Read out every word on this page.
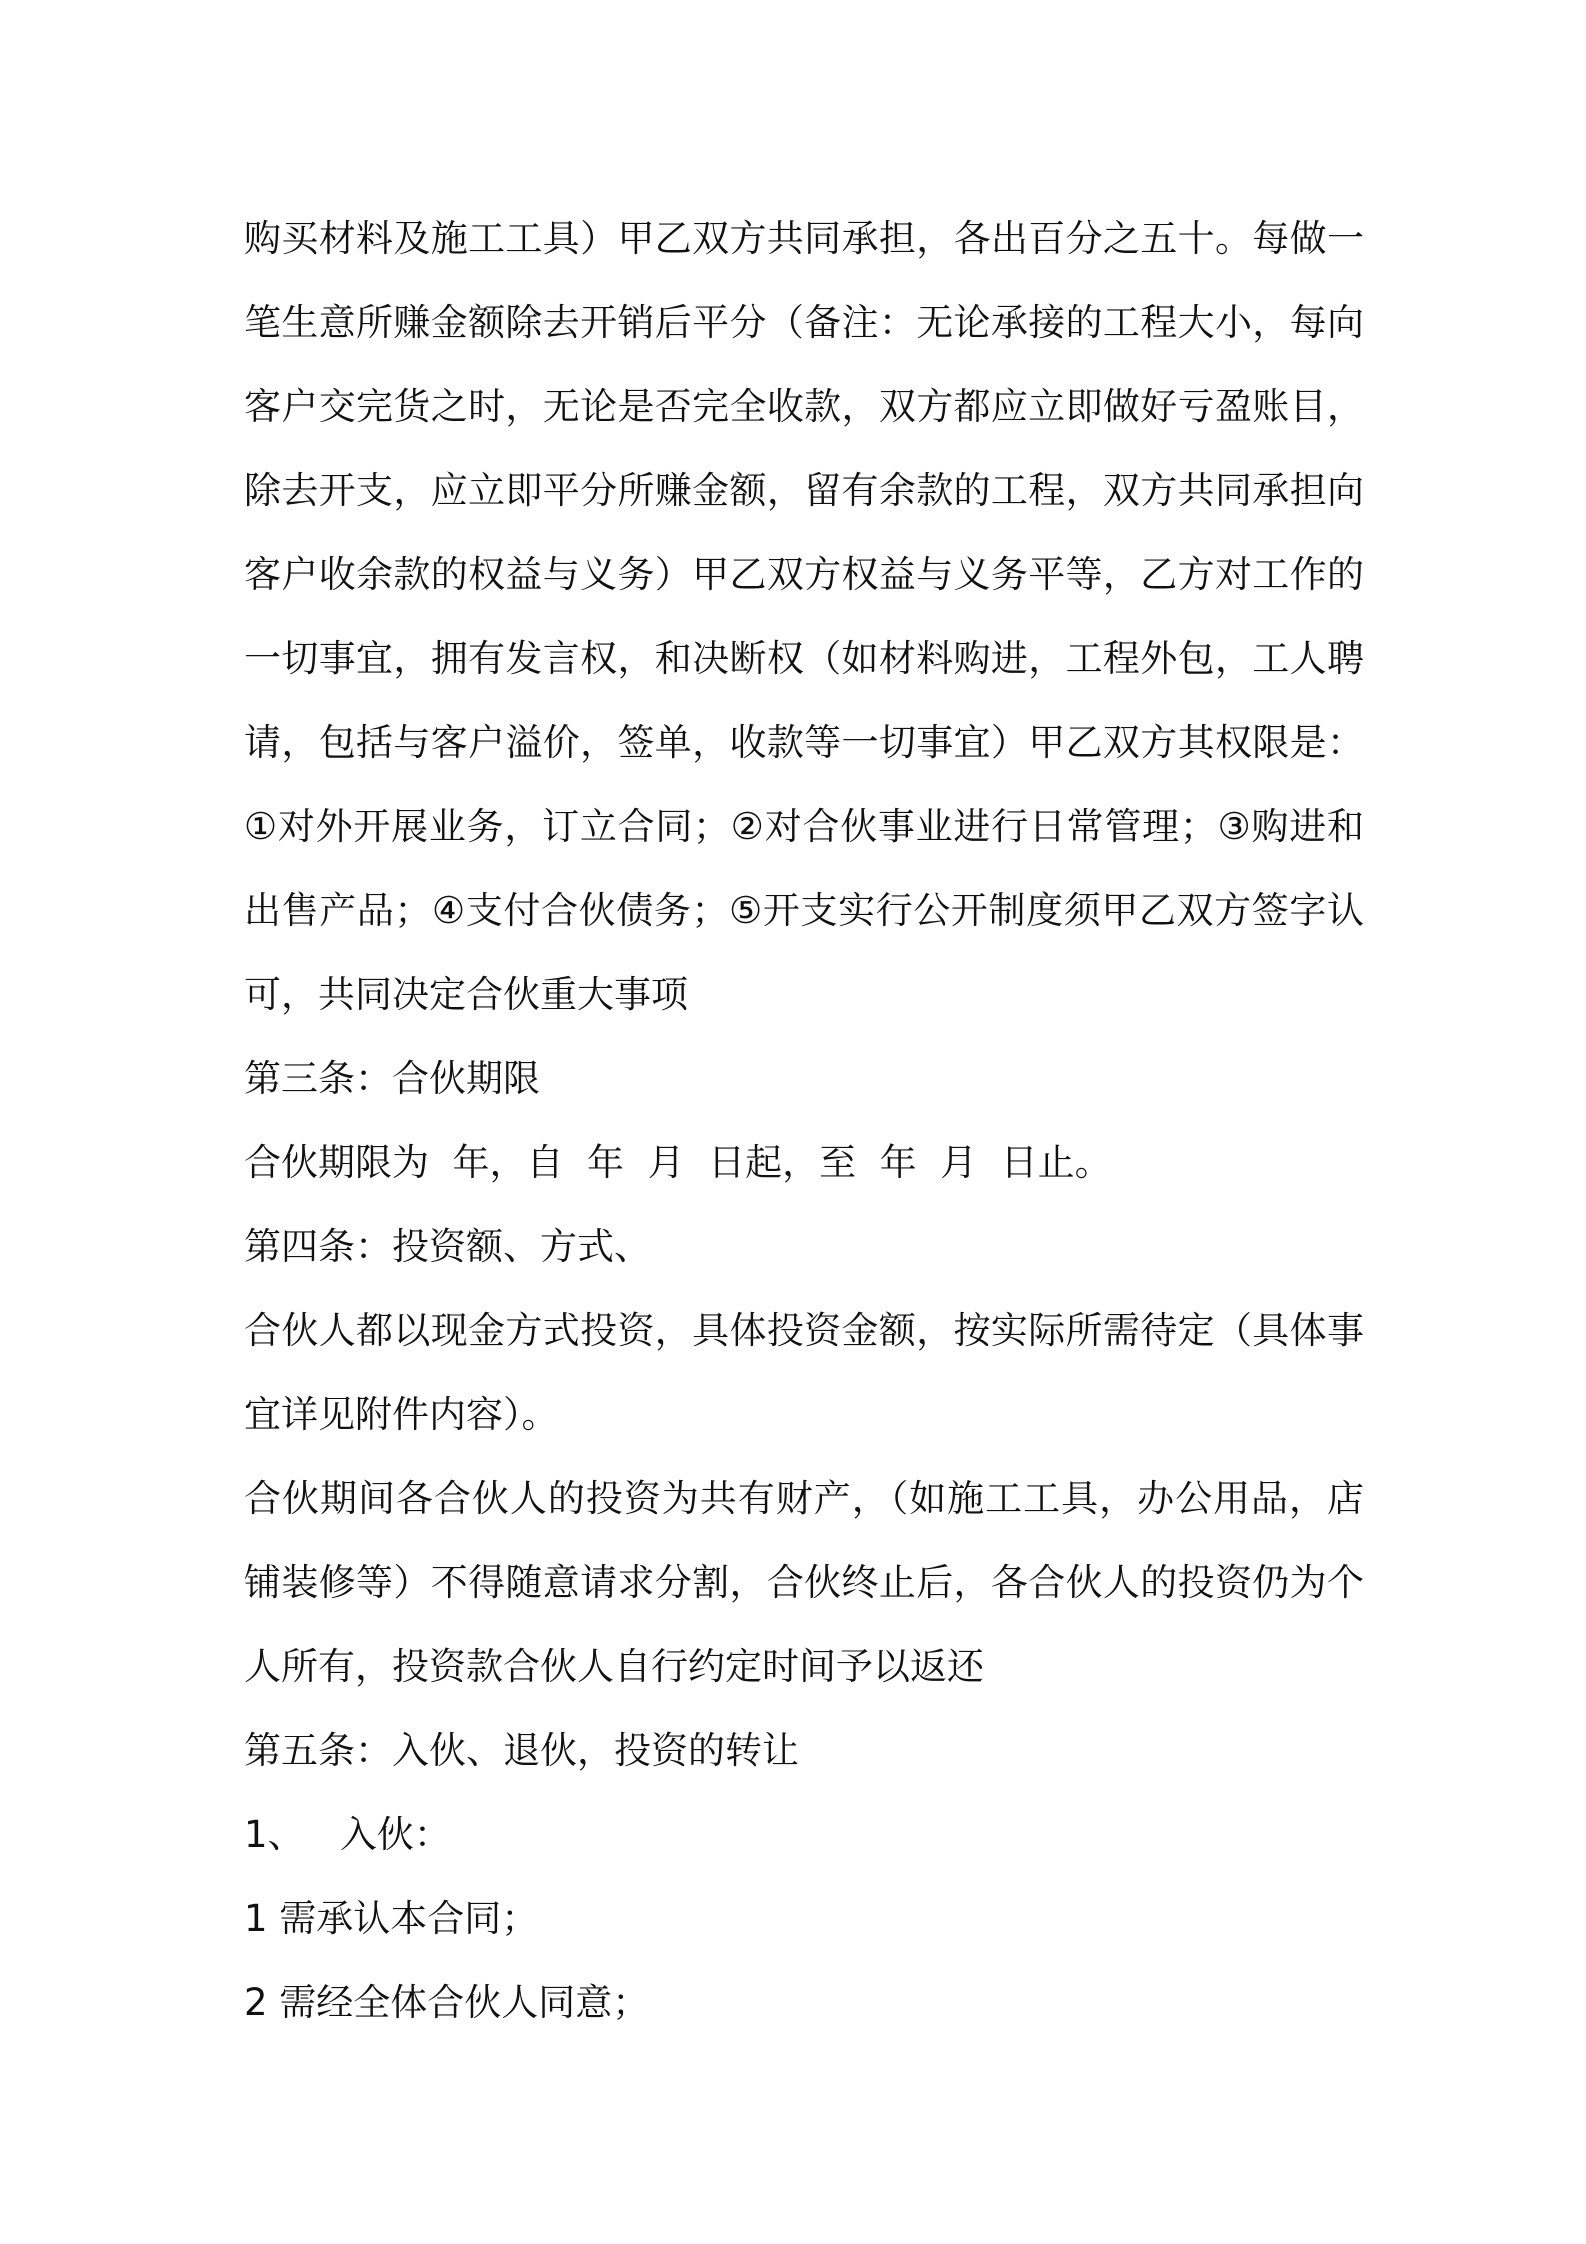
购买材料及施工工具）甲乙双方共同承担，各出百分之五十。每做一
笔生意所赚金额除去开销后平分（备注：无论承接的工程大小，每向
客户交完货之时，无论是否完全收款，双方都应立即做好亏盈账目，
除去开支，应立即平分所赚金额，留有余款的工程，双方共同承担向
客户收余款的权益与义务）甲乙双方权益与义务平等，乙方对工作的
一切事宜，拥有发言权，和决断权（如材料购进，工程外包，工人聘
请，包括与客户溢价，签单，收款等一切事宜）甲乙双方其权限是：
①对外开展业务，订立合同；②对合伙事业进行日常管理；③购进和
出售产品；④支付合伙债务；⑤开支实行公开制度须甲乙双方签字认
可，共同决定合伙重大事项
第三条：合伙期限
合伙期限为  年，自  年  月  日起，至  年  月  日止。
第四条：投资额、方式、
合伙人都以现金方式投资，具体投资金额，按实际所需待定（具体事
宜详见附件内容）。
合伙期间各合伙人的投资为共有财产，（如施工工具，办公用品，店
铺装修等）不得随意请求分割，合伙终止后，各合伙人的投资仍为个
人所有，投资款合伙人自行约定时间予以返还
第五条：入伙、退伙，投资的转让
1、   入伙：
1 需承认本合同；
2 需经全体合伙人同意；
